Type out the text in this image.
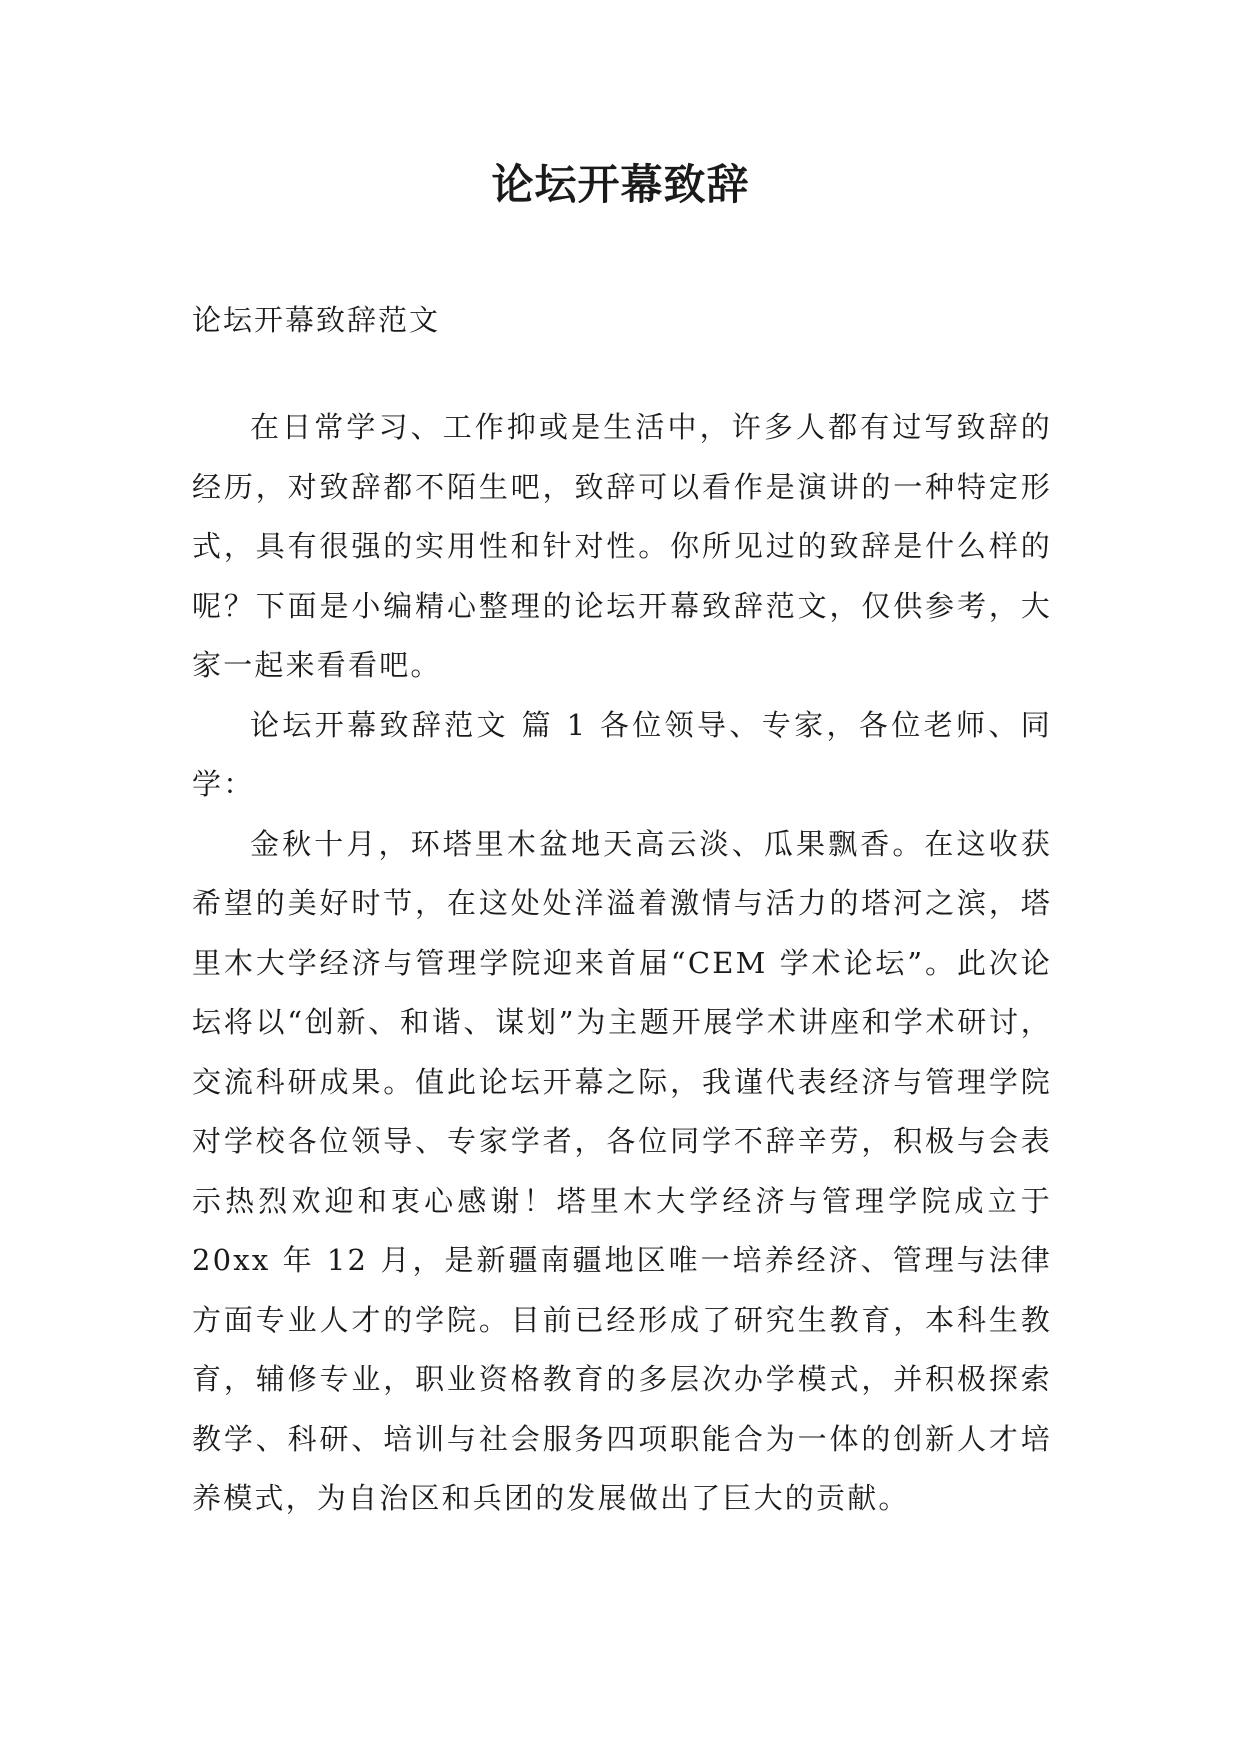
论坛开幕致辞
论坛开幕致辞范文

在日常学习、工作抑或是生活中，许多人都有过写致辞的经历，对致辞都不陌生吧，致辞可以看作是演讲的一种特定形式，具有很强的实用性和针对性。你所见过的致辞是什么样的呢？下面是小编精心整理的论坛开幕致辞范文，仅供参考，大家一起来看看吧。

论坛开幕致辞范文 篇 1 各位领导、专家，各位老师、同学：

金秋十月，环塔里木盆地天高云淡、瓜果飘香。在这收获希望的美好时节，在这处处洋溢着激情与活力的塔河之滨，塔里木大学经济与管理学院迎来首届“CEM 学术论坛”。此次论坛将以“创新、和谐、谋划”为主题开展学术讲座和学术研讨，交流科研成果。值此论坛开幕之际，我谨代表经济与管理学院对学校各位领导、专家学者，各位同学不辞辛劳，积极与会表示热烈欢迎和衷心感谢！塔里木大学经济与管理学院成立于 20xx 年 12 月，是新疆南疆地区唯一培养经济、管理与法律方面专业人才的学院。目前已经形成了研究生教育，本科生教育，辅修专业，职业资格教育的多层次办学模式，并积极探索教学、科研、培训与社会服务四项职能合为一体的创新人才培养模式，为自治区和兵团的发展做出了巨大的贡献。
